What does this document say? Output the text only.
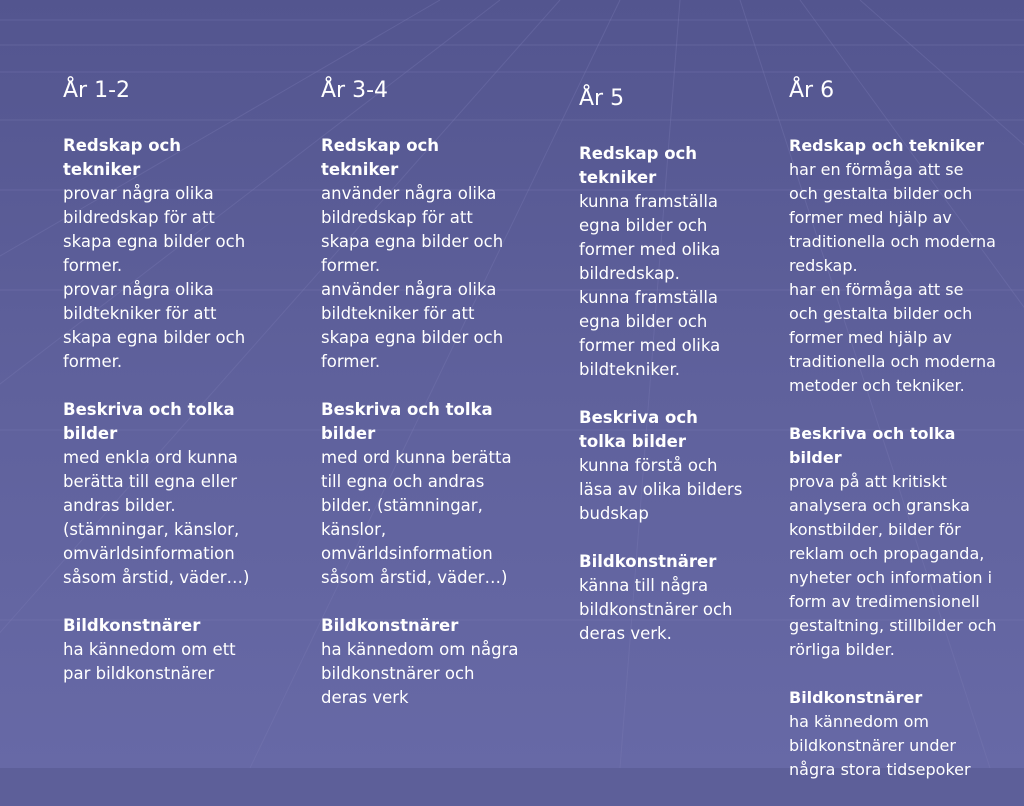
År 1-2
Redskap och
tekniker
provar några olika
bildredskap för att
skapa egna bilder och
former.
provar några olika
bildtekniker för att
skapa egna bilder och
former.
Beskriva och tolka
bilder
med enkla ord kunna
berätta till egna eller
andras bilder.
(stämningar, känslor,
omvärldsinformation
såsom årstid, väder…)
Bildkonstnärer
ha kännedom om ett
par bildkonstnärer
År 3-4
Redskap och
tekniker
använder några olika
bildredskap för att
skapa egna bilder och
former.
använder några olika
bildtekniker för att
skapa egna bilder och
former.
Beskriva och tolka
bilder
med ord kunna berätta
till egna och andras
bilder. (stämningar,
känslor,
omvärldsinformation
såsom årstid, väder…)
Bildkonstnärer
ha kännedom om några
bildkonstnärer och
deras verk
År 5
Redskap och
tekniker
kunna framställa
egna bilder och
former med olika
bildredskap.
kunna framställa
egna bilder och
former med olika
bildtekniker.
Beskriva och
tolka bilder
kunna förstå och
läsa av olika bilders
budskap
Bildkonstnärer
känna till några
bildkonstnärer och
deras verk.
År 6
Redskap och tekniker
har en förmåga att se
och gestalta bilder och
former med hjälp av
traditionella och moderna
redskap.
har en förmåga att se
och gestalta bilder och
former med hjälp av
traditionella och moderna
metoder och tekniker.
Beskriva och tolka
bilder
prova på att kritiskt
analysera och granska
konstbilder, bilder för
reklam och propaganda,
nyheter och information i
form av tredimensionell
gestaltning, stillbilder och
rörliga bilder.
Bildkonstnärer
ha kännedom om
bildkonstnärer under
några stora tidsepoker
